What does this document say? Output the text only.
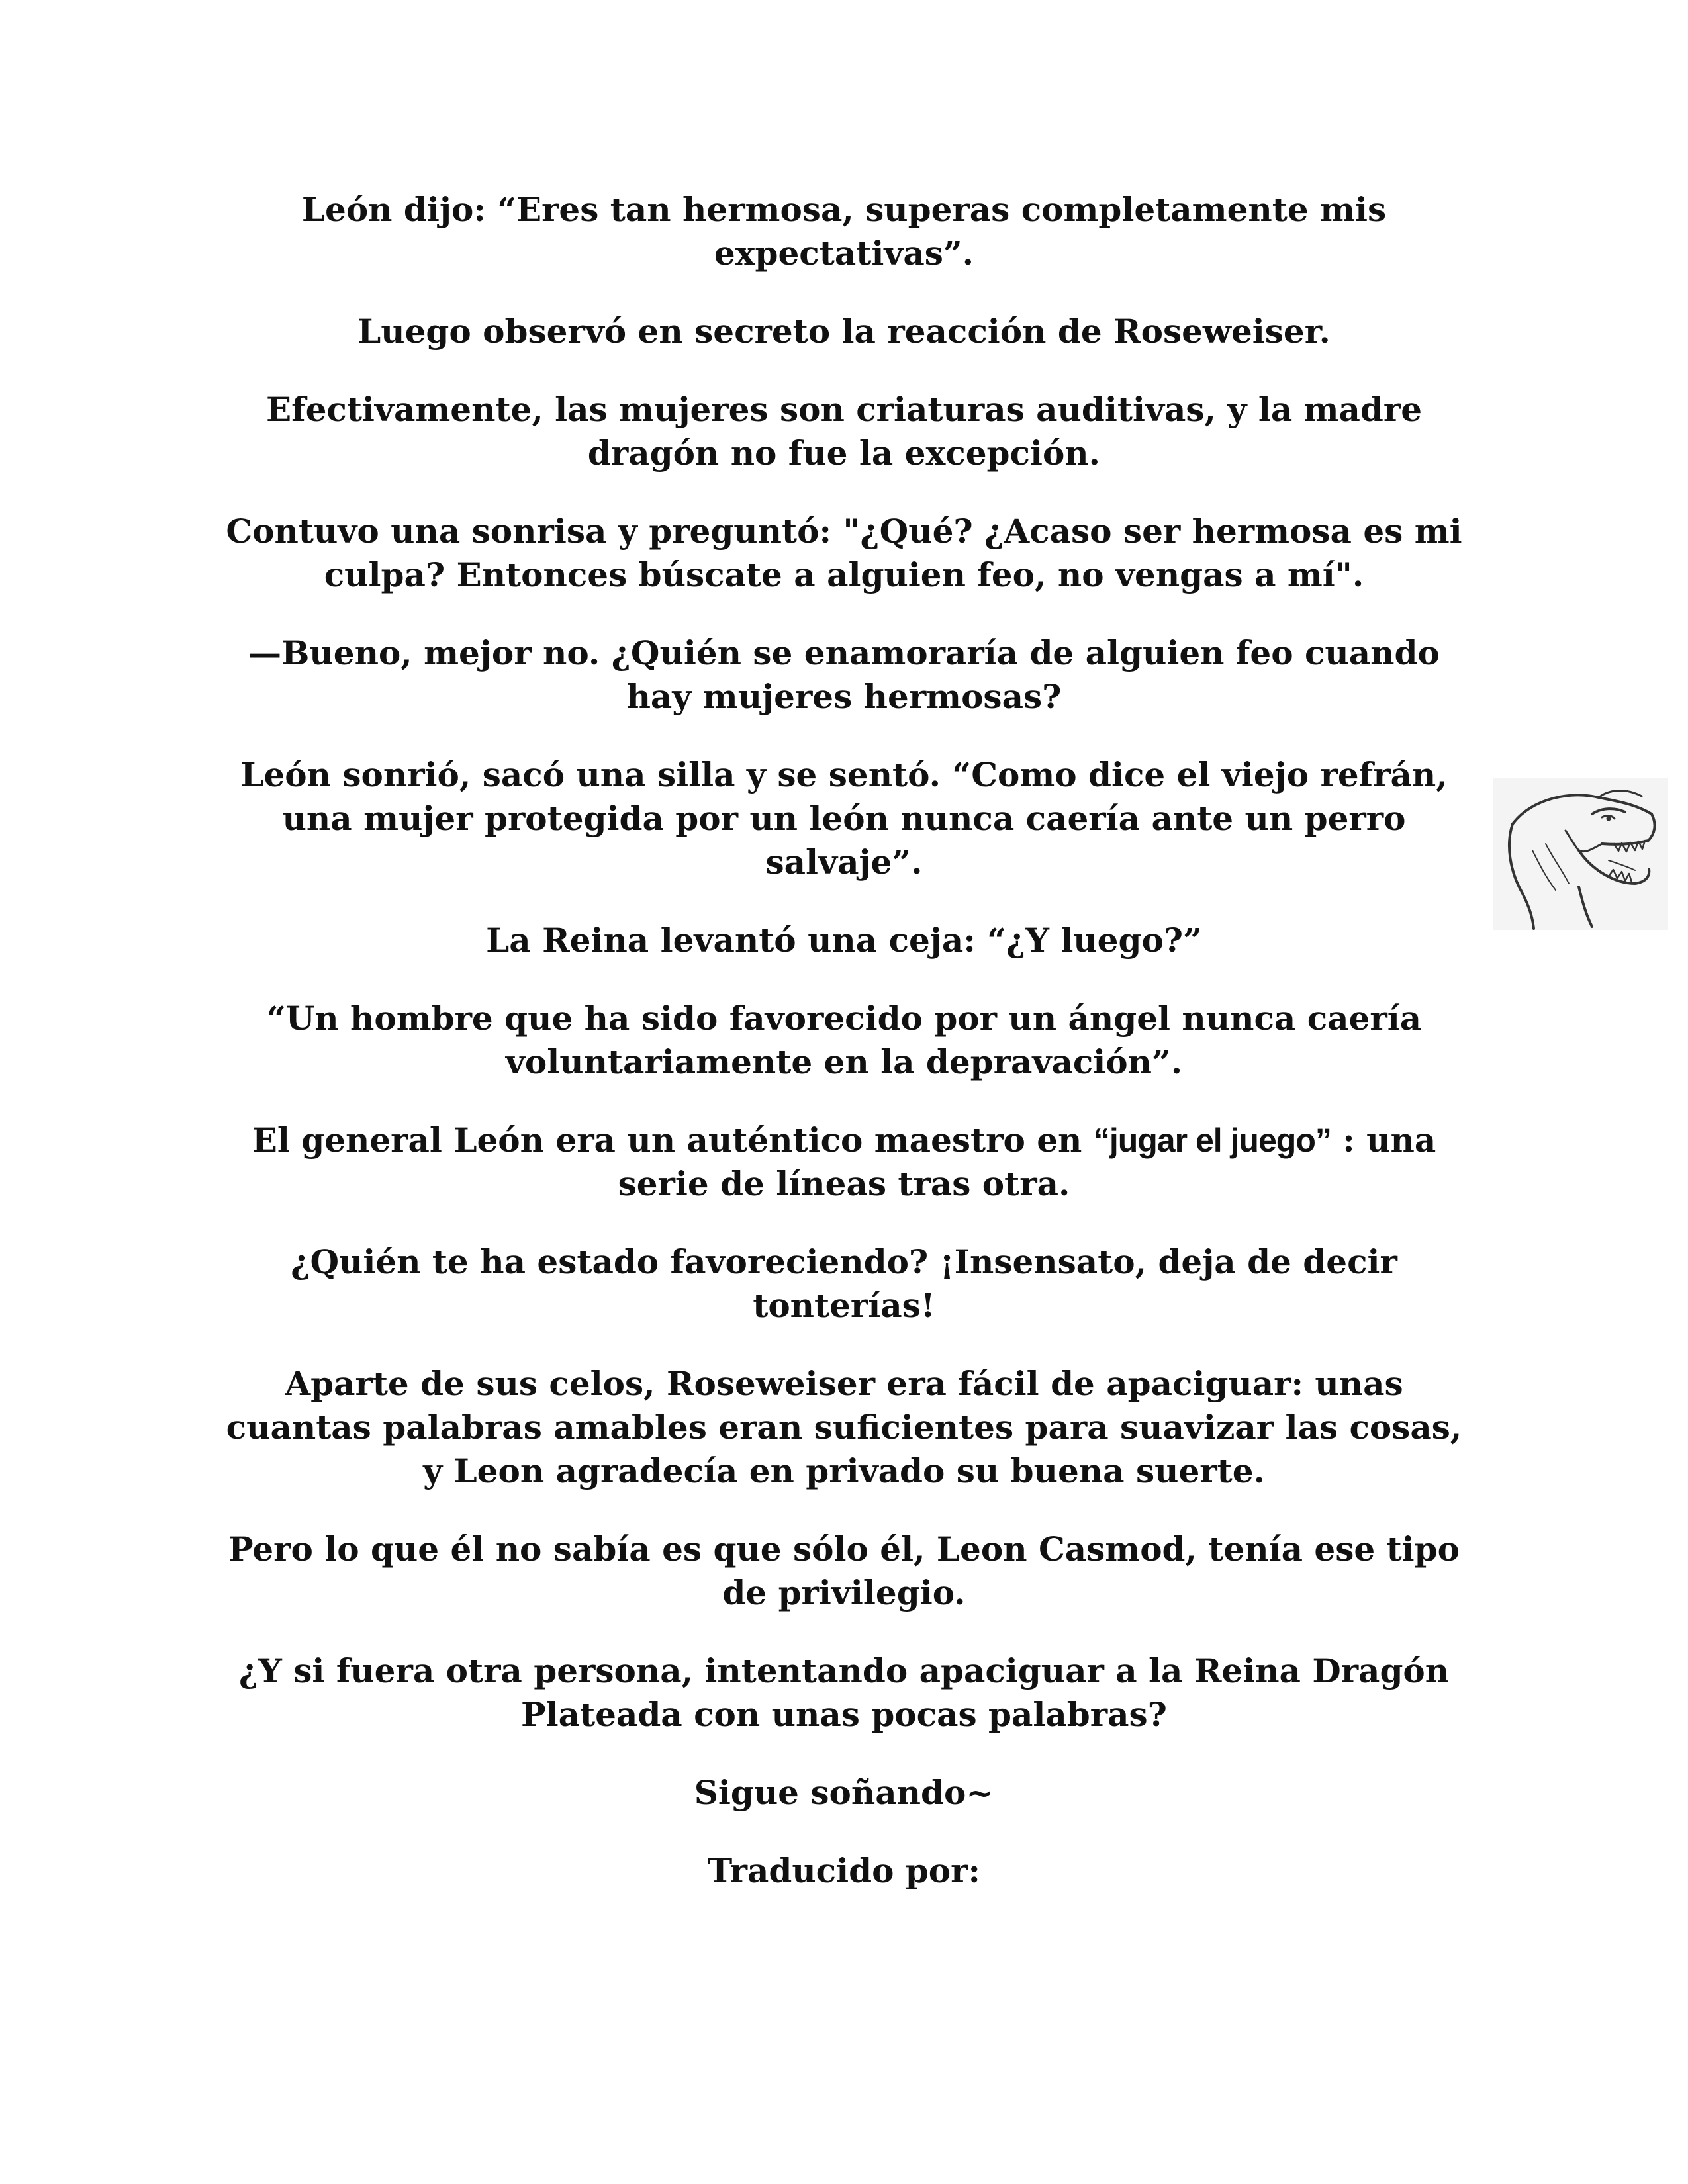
León dijo: “Eres tan hermosa, superas completamente mis expectativas”.

Luego observó en secreto la reacción de Roseweiser.

Efectivamente, las mujeres son criaturas auditivas, y la madre dragón no fue la excepción.

Contuvo una sonrisa y preguntó: "¿Qué? ¿Acaso ser hermosa es mi culpa? Entonces búscate a alguien feo, no vengas a mí".

—Bueno, mejor no. ¿Quién se enamoraría de alguien feo cuando hay mujeres hermosas?

León sonrió, sacó una silla y se sentó. “Como dice el viejo refrán, una mujer protegida por un león nunca caería ante un perro salvaje”.

La Reina levantó una ceja: “¿Y luego?”

“Un hombre que ha sido favorecido por un ángel nunca caería voluntariamente en la depravación”.

El general León era un auténtico maestro en “jugar el juego” : una serie de líneas tras otra.

¿Quién te ha estado favoreciendo? ¡Insensato, deja de decir tonterías!

Aparte de sus celos, Roseweiser era fácil de apaciguar: unas cuantas palabras amables eran suficientes para suavizar las cosas, y Leon agradecía en privado su buena suerte.

Pero lo que él no sabía es que sólo él, Leon Casmod, tenía ese tipo de privilegio.

¿Y si fuera otra persona, intentando apaciguar a la Reina Dragón Plateada con unas pocas palabras?

Sigue soñando~

Traducido por:
